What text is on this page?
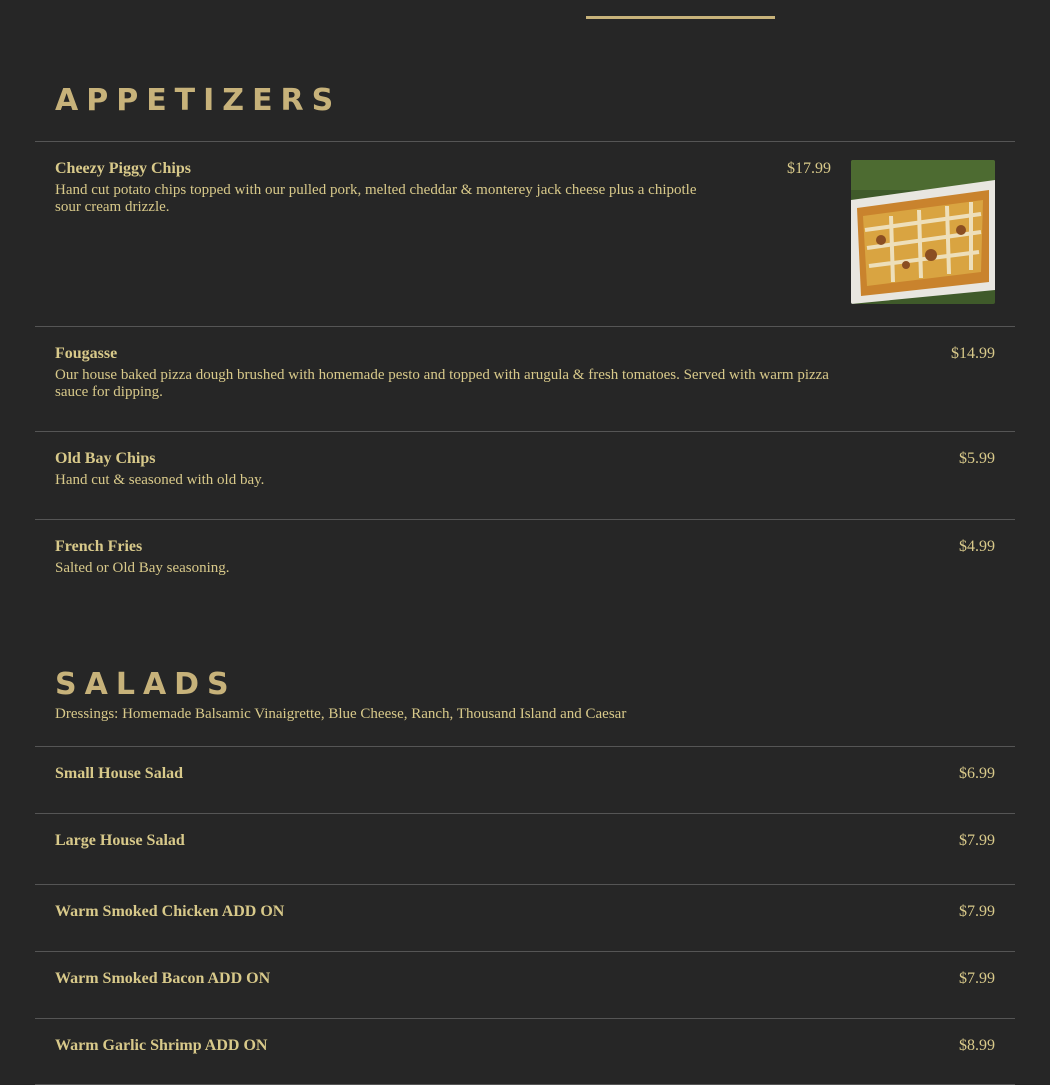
APPETIZERS
Cheezy Piggy Chips
Hand cut potato chips topped with our pulled pork, melted cheddar & monterey jack cheese plus a chipotle sour cream drizzle.
$17.99
Fougasse
Our house baked pizza dough brushed with homemade pesto and topped with arugula & fresh tomatoes. Served with warm pizza sauce for dipping.
$14.99
Old Bay Chips
Hand cut & seasoned with old bay.
$5.99
French Fries
Salted or Old Bay seasoning.
$4.99
SALADS
Dressings: Homemade Balsamic Vinaigrette, Blue Cheese, Ranch, Thousand Island and Caesar
Small House Salad	$6.99
Large House Salad	$7.99
Warm Smoked Chicken ADD ON	$7.99
Warm Smoked Bacon ADD ON	$7.99
Warm Garlic Shrimp ADD ON	$8.99
